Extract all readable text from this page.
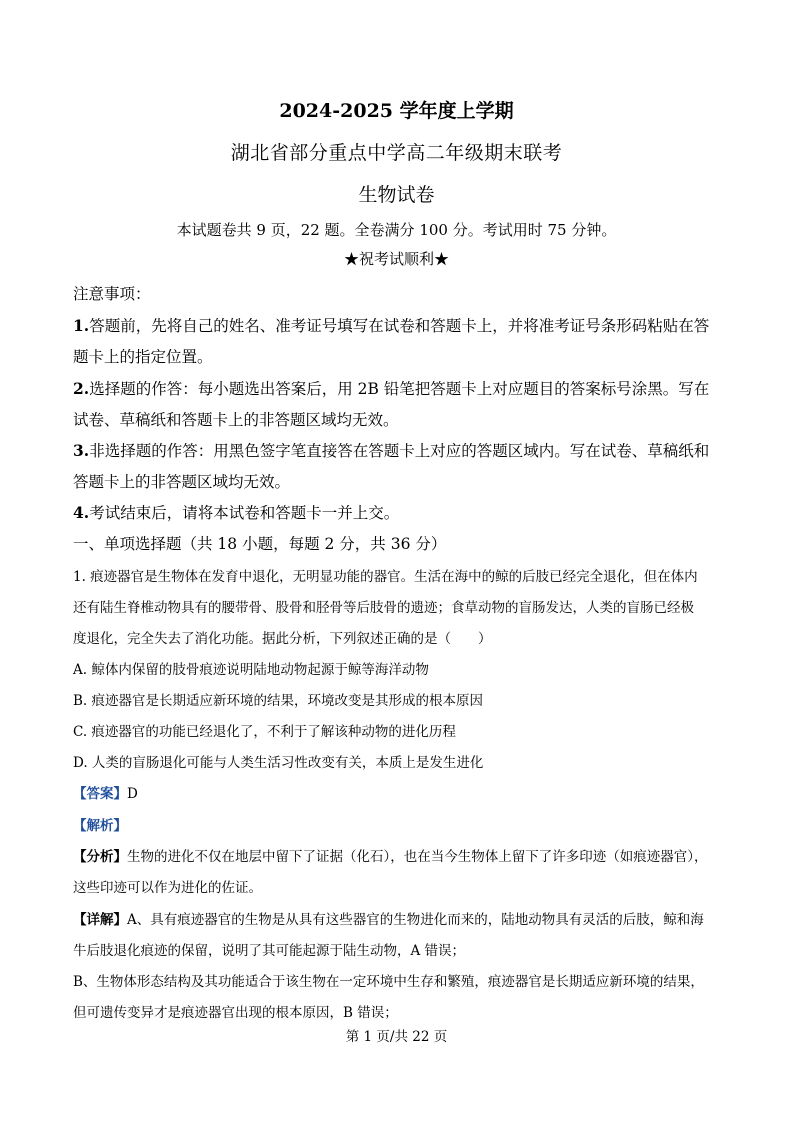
2024-2025 学年度上学期
湖北省部分重点中学高二年级期末联考
生物试卷
本试题卷共 9 页，22 题。全卷满分 100 分。考试用时 75 分钟。
★祝考试顺利★
注意事项：
1.答题前，先将自己的姓名、准考证号填写在试卷和答题卡上，并将准考证号条形码粘贴在答
题卡上的指定位置。
2.选择题的作答：每小题选出答案后，用 2B 铅笔把答题卡上对应题目的答案标号涂黑。写在
试卷、草稿纸和答题卡上的非答题区域均无效。
3.非选择题的作答：用黑色签字笔直接答在答题卡上对应的答题区域内。写在试卷、草稿纸和
答题卡上的非答题区域均无效。
4.考试结束后，请将本试卷和答题卡一并上交。
一、单项选择题（共 18 小题，每题 2 分，共 36 分）
1. 痕迹器官是生物体在发育中退化，无明显功能的器官。生活在海中的鲸的后肢已经完全退化，但在体内
还有陆生脊椎动物具有的腰带骨、股骨和胫骨等后肢骨的遗迹；食草动物的盲肠发达，人类的盲肠已经极
度退化，完全失去了消化功能。据此分析，下列叙述正确的是（　　）
A. 鲸体内保留的肢骨痕迹说明陆地动物起源于鲸等海洋动物
B. 痕迹器官是长期适应新环境的结果，环境改变是其形成的根本原因
C. 痕迹器官的功能已经退化了，不利于了解该种动物的进化历程
D. 人类的盲肠退化可能与人类生活习性改变有关，本质上是发生进化
【答案】D
【解析】
【分析】生物的进化不仅在地层中留下了证据（化石），也在当今生物体上留下了许多印迹（如痕迹器官），
这些印迹可以作为进化的佐证。
【详解】A、具有痕迹器官的生物是从具有这些器官的生物进化而来的，陆地动物具有灵活的后肢，鲸和海
牛后肢退化痕迹的保留，说明了其可能起源于陆生动物，A 错误；
B、生物体形态结构及其功能适合于该生物在一定环境中生存和繁殖，痕迹器官是长期适应新环境的结果，
但可遗传变异才是痕迹器官出现的根本原因，B 错误；
第 1 页/共 22 页
